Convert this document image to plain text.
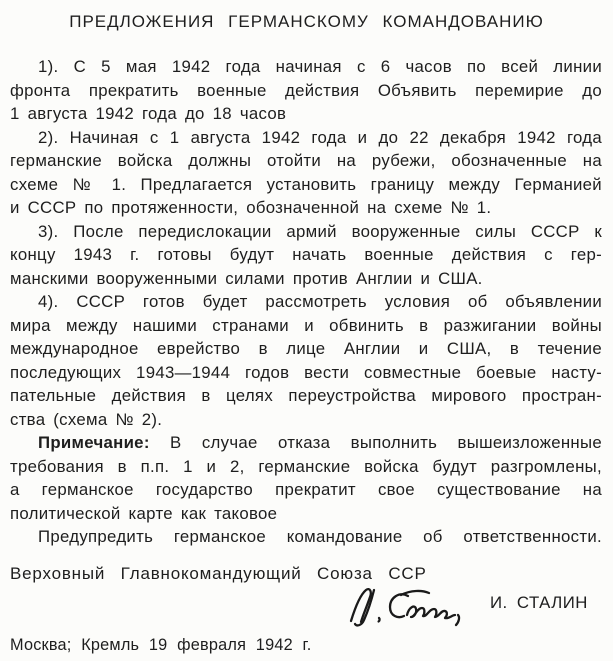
ПРЕДЛОЖЕНИЯ ГЕРМАНСКОМУ КОМАНДОВАНИЮ
1). С 5 мая 1942 года начиная с 6 часов по всей линии
фронта прекратить военные действия Объявить перемирие до
1 августа 1942 года до 18 часов
2). Начиная с 1 августа 1942 года и до 22 декабря 1942 года
германские войска должны отойти на рубежи, обозначенные на
схеме № 1. Предлагается установить границу между Германией
и СССР по протяженности, обозначенной на схеме № 1.
3). После передислокации армий вооруженные силы СССР к
концу 1943 г. готовы будут начать военные действия с гер-
манскими вооруженными силами против Англии и США.
4). СССР готов будет рассмотреть условия об объявлении
мира между нашими странами и обвинить в разжигании войны
международное еврейство в лице Англии и США, в течение
последующих 1943—1944 годов вести совместные боевые насту-
пательные действия в целях переустройства мирового простран-
ства (схема № 2).
Примечание: В случае отказа выполнить вышеизложенные
требования в п.п. 1 и 2, германские войска будут разгромлены,
а германское государство прекратит свое существование на
политической карте как таковое
Предупредить германское командование об ответственности.
Верховный Главнокомандующий Союза ССР
И. СТАЛИН
Москва; Кремль 19 февраля 1942 г.
